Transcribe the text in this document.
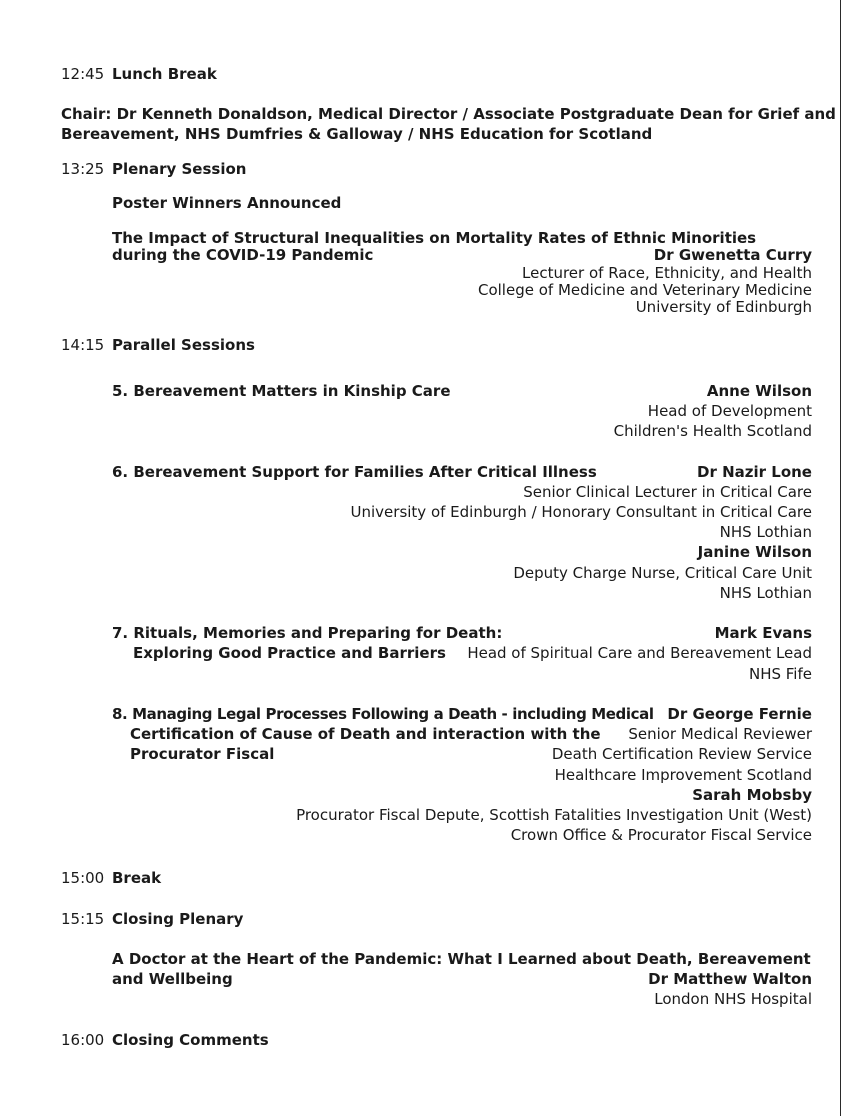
12:45 Lunch Break
Chair: Dr Kenneth Donaldson, Medical Director / Associate Postgraduate Dean for Grief and
Bereavement, NHS Dumfries & Galloway / NHS Education for Scotland
13:25 Plenary Session
Poster Winners Announced
The Impact of Structural Inequalities on Mortality Rates of Ethnic Minorities
during the COVID-19 Pandemic	Dr Gwenetta Curry
Lecturer of Race, Ethnicity, and Health
College of Medicine and Veterinary Medicine
University of Edinburgh
14:15 Parallel Sessions
5. Bereavement Matters in Kinship Care	Anne Wilson
Head of Development
Children's Health Scotland
6. Bereavement Support for Families After Critical Illness	Dr Nazir Lone
Senior Clinical Lecturer in Critical Care
University of Edinburgh / Honorary Consultant in Critical Care
NHS Lothian
Janine Wilson
Deputy Charge Nurse, Critical Care Unit
NHS Lothian
7. Rituals, Memories and Preparing for Death:
Exploring Good Practice and Barriers
Mark Evans
Head of Spiritual Care and Bereavement Lead
NHS Fife
8. Managing Legal Processes Following a Death - including Medical
Certification of Cause of Death and interaction with the
Procurator Fiscal
Dr George Fernie
Senior Medical Reviewer
Death Certification Review Service
Healthcare Improvement Scotland
Sarah Mobsby
Procurator Fiscal Depute, Scottish Fatalities Investigation Unit (West)
Crown Office & Procurator Fiscal Service
15:00 Break
15:15 Closing Plenary
A Doctor at the Heart of the Pandemic: What I Learned about Death, Bereavement
and Wellbeing	Dr Matthew Walton
London NHS Hospital
16:00 Closing Comments
